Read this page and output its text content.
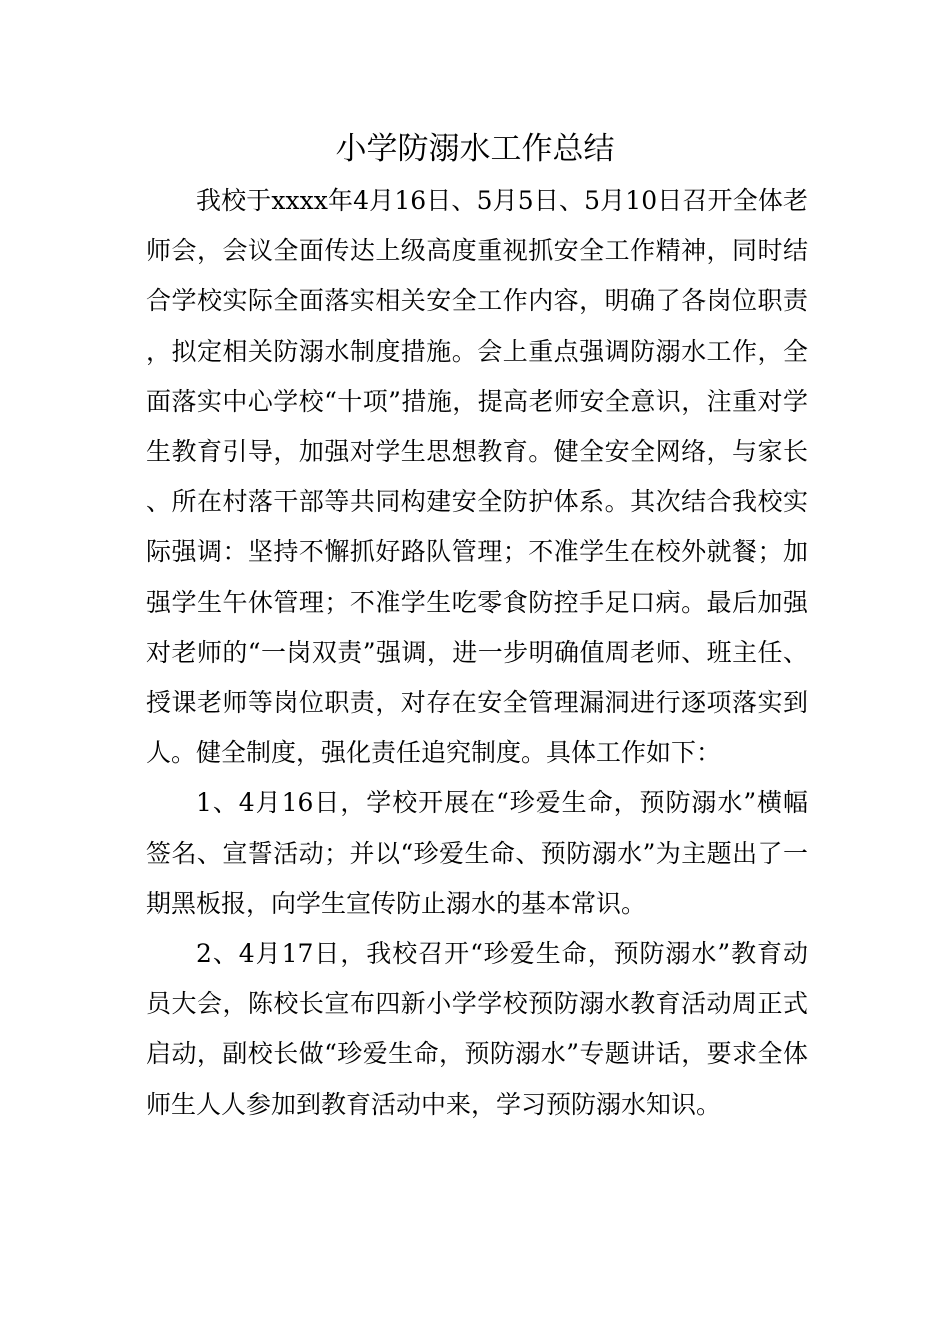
小学防溺水工作总结

我校于xxxx年4月16日、5月5日、5月10日召开全体老师会，会议全面传达上级高度重视抓安全工作精神，同时结合学校实际全面落实相关安全工作内容，明确了各岗位职责，拟定相关防溺水制度措施。会上重点强调防溺水工作，全面落实中心学校“十项”措施，提高老师安全意识，注重对学生教育引导，加强对学生思想教育。健全安全网络，与家长、所在村落干部等共同构建安全防护体系。其次结合我校实际强调：坚持不懈抓好路队管理；不准学生在校外就餐；加强学生午休管理；不准学生吃零食防控手足口病。最后加强对老师的“一岗双责”强调，进一步明确值周老师、班主任、授课老师等岗位职责，对存在安全管理漏洞进行逐项落实到人。健全制度，强化责任追究制度。具体工作如下：

1、4月16日，学校开展在“珍爱生命，预防溺水”横幅签名、宣誓活动；并以“珍爱生命、预防溺水”为主题出了一期黑板报，向学生宣传防止溺水的基本常识。

2、4月17日，我校召开“珍爱生命，预防溺水”教育动员大会，陈校长宣布四新小学学校预防溺水教育活动周正式启动，副校长做“珍爱生命，预防溺水”专题讲话，要求全体师生人人参加到教育活动中来，学习预防溺水知识。
